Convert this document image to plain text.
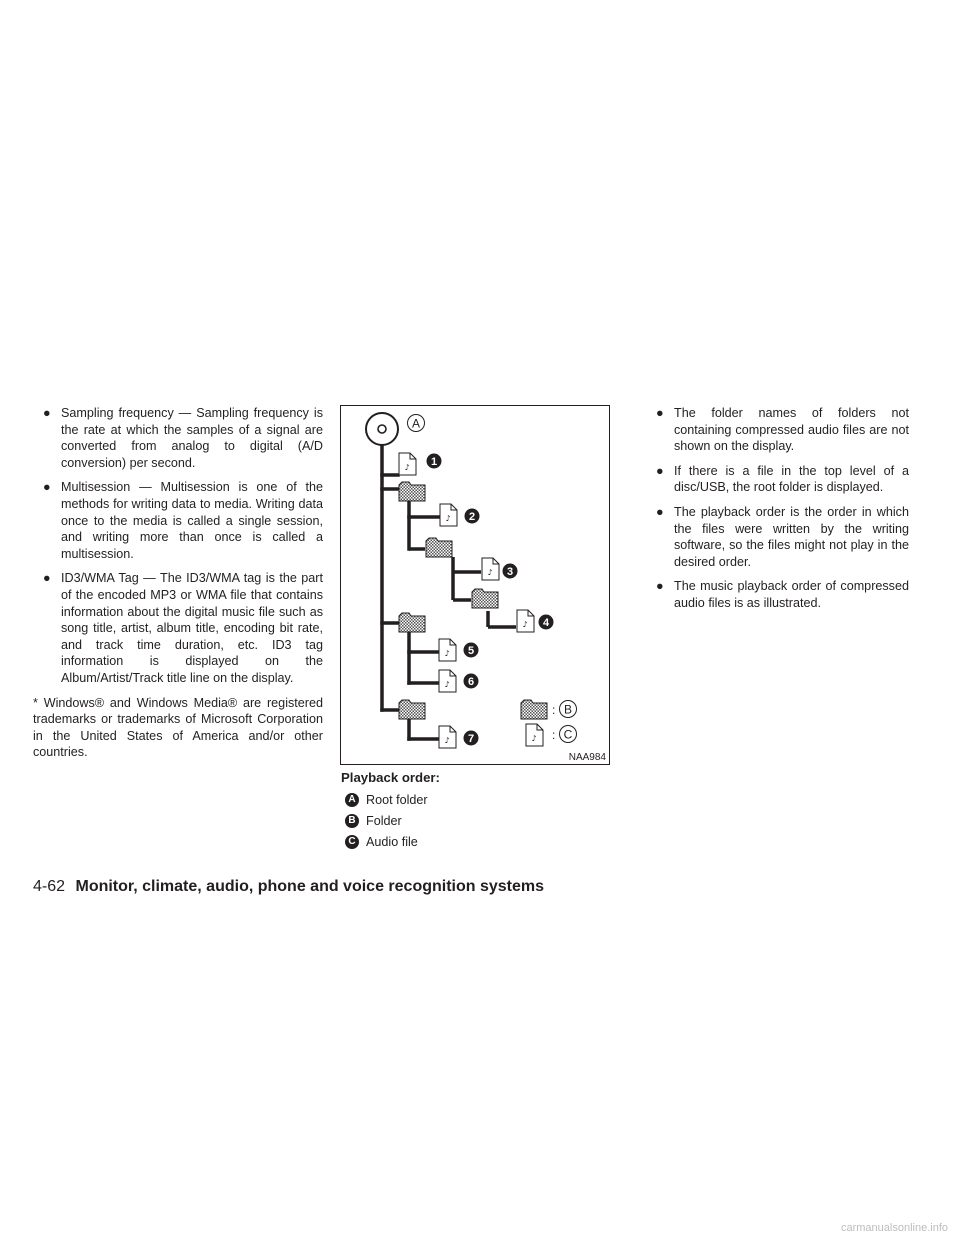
● Sampling frequency — Sampling frequency is the rate at which the samples of a signal are converted from analog to digital (A/D conversion) per second.
● Multisession — Multisession is one of the methods for writing data to media. Writing data once to the media is called a single session, and writing more than once is called a multisession.
● ID3/WMA Tag — The ID3/WMA tag is the part of the encoded MP3 or WMA file that contains information about the digital music file such as song title, artist, album title, encoding bit rate, and track time duration, etc. ID3 tag information is displayed on the Album/Artist/Track title line on the display.

* Windows® and Windows Media® are registered trademarks or trademarks of Microsoft Corporation in the United States of America and/or other countries.

♪	A
1
2
3
4
5
6
7
: B
: C
NAA984
Playback order:
A Root folder
B Folder
C Audio file
● The folder names of folders not containing compressed audio files are not shown on the display.
● If there is a file in the top level of a disc/USB, the root folder is displayed.
● The playback order is the order in which the files were written by the writing software, so the files might not play in the desired order.
● The music playback order of compressed audio files is as illustrated.
4-62 Monitor, climate, audio, phone and voice recognition systems
carmanualsonline.info
